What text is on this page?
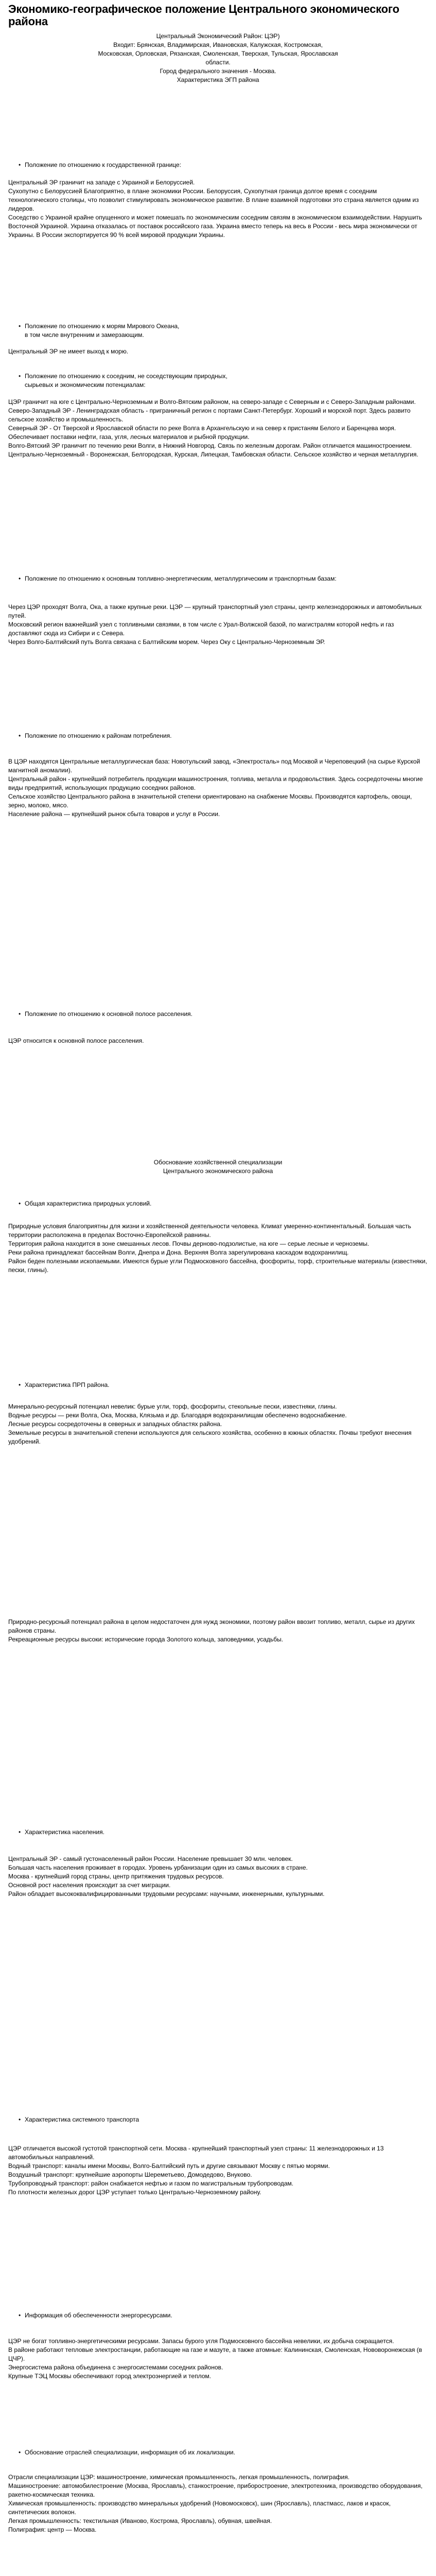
Экономико-географическое положение Центрального экономического района

Центральный Экономический Район: ЦЭР)

Входит: Брянская, Владимирская, Ивановская, Калужская, Костромская,

Московская, Орловская, Рязанская, Смоленская, Тверская, Тульская, Ярославская

области.

Город федерального значения - Москва.

Характеристика ЭГП района

• Положение по отношению к государственной границе:

Центральный ЭР граничит на западе с Украиной и Белоруссией.

Сухопутно с Белоруссией Благоприятно, в плане экономики России. Белоруссия, Сухопутная граница долгое время с соседним технологического столицы, что позволит стимулировать экономическое развитие. В плане взаимной подготовки это страна является одним из лидеров.

Соседство с Украиной крайне опущенного и может помешать по экономическим соседним связям в экономическом взаимодействии. Нарушить Восточной Украиной. Украина отказалась от поставок российского газа. Украина вместо теперь на весь в России - весь мира экономически от Украины. В России экспортируется 90 % всей мировой продукции Украины.

• Положение по отношению к морям Мирового Океана,

в том числе внутренним и замерзающим.

Центральный ЭР не имеет выход к морю.

• Положение по отношению к соседним, не соседствующим природных,

сырьевых и экономическим потенциалам:

ЦЭР граничит на юге с Центрально-Черноземным и Волго-Вятским районом, на северо-западе с Северным и с Северо-Западным районами.

Северо-Западный ЭР - Ленинградская область - приграничный регион с портами Санкт-Петербург. Хороший и морской порт. Здесь развито сельское хозяйство и промышленность.

Северный ЭР - От Тверской и Ярославской области по реке Волга в Архангельскую и на север к пристаням Белого и Баренцева моря. Обеспечивает поставки нефти, газа, угля, лесных материалов и рыбной продукции.

Волго-Вятский ЭР граничит по течению реки Волги, в Нижний Новгород. Связь по железным дорогам. Район отличается машиностроением.

Центрально-Черноземный - Воронежская, Белгородская, Курская, Липецкая, Тамбовская области. Сельское хозяйство и черная металлургия.

• Положение по отношению к основным топливно-энергетическим, металлургическим и транспортным базам:

Через ЦЭР проходят Волга, Ока, а также крупные реки. ЦЭР — крупный транспортный узел страны, центр железнодорожных и автомобильных путей.

Московский регион важнейший узел с топливными связями, в том числе с Урал-Волжской базой, по магистралям которой нефть и газ доставляют сюда из Сибири и с Севера.

Через Волго-Балтийский путь Волга связана с Балтийским морем. Через Оку с Центрально-Черноземным ЭР.

• Положение по отношению к районам потребления.

В ЦЭР находятся Центральные металлургическая база: Новотульский завод, «Электросталь» под Москвой и Череповецкий (на сырье Курской магнитной аномалии).

Центральный район - крупнейший потребитель продукции машиностроения, топлива, металла и продовольствия. Здесь сосредоточены многие виды предприятий, использующих продукцию соседних районов.

Сельское хозяйство Центрального района в значительной степени ориентировано на снабжение Москвы. Производятся картофель, овощи, зерно, молоко, мясо.

Население района — крупнейший рынок сбыта товаров и услуг в России.

• Положение по отношению к основной полосе расселения.

ЦЭР относится к основной полосе расселения.

Обоснование хозяйственной специализации

Центрального экономического района

• Общая характеристика природных условий.

Природные условия благоприятны для жизни и хозяйственной деятельности человека. Климат умеренно-континентальный. Большая часть территории расположена в пределах Восточно-Европейской равнины.

Территория района находится в зоне смешанных лесов. Почвы дерново-подзолистые, на юге — серые лесные и черноземы.

Реки района принадлежат бассейнам Волги, Днепра и Дона. Верхняя Волга зарегулирована каскадом водохранилищ.

Район беден полезными ископаемыми. Имеются бурые угли Подмосковного бассейна, фосфориты, торф, строительные материалы (известняки, пески, глины).

• Характеристика ПРП района.

Минерально-ресурсный потенциал невелик: бурые угли, торф, фосфориты, стекольные пески, известняки, глины.

Водные ресурсы — реки Волга, Ока, Москва, Клязьма и др. Благодаря водохранилищам обеспечено водоснабжение.

Лесные ресурсы сосредоточены в северных и западных областях района.

Земельные ресурсы в значительной степени используются для сельского хозяйства, особенно в южных областях. Почвы требуют внесения удобрений.

Природно-ресурсный потенциал района в целом недостаточен для нужд экономики, поэтому район ввозит топливо, металл, сырье из других районов страны.

Рекреационные ресурсы высоки: исторические города Золотого кольца, заповедники, усадьбы.

• Характеристика населения.

Центральный ЭР - самый густонаселенный район России. Население превышает 30 млн. человек.

Большая часть населения проживает в городах. Уровень урбанизации один из самых высоких в стране.

Москва - крупнейший город страны, центр притяжения трудовых ресурсов.

Основной рост населения происходит за счет миграции.

Район обладает высококвалифицированными трудовыми ресурсами: научными, инженерными, культурными.

• Характеристика системного транспорта

ЦЭР отличается высокой густотой транспортной сети. Москва - крупнейший транспортный узел страны: 11 железнодорожных и 13 автомобильных направлений.

Водный транспорт: каналы имени Москвы, Волго-Балтийский путь и другие связывают Москву с пятью морями.

Воздушный транспорт: крупнейшие аэропорты Шереметьево, Домодедово, Внуково.

Трубопроводный транспорт: район снабжается нефтью и газом по магистральным трубопроводам.

По плотности железных дорог ЦЭР уступает только Центрально-Черноземному району.

• Информация об обеспеченности энергоресурсами.

ЦЭР не богат топливно-энергетическими ресурсами. Запасы бурого угля Подмосковного бассейна невелики, их добыча сокращается.

В районе работают тепловые электростанции, работающие на газе и мазуте, а также атомные: Калининская, Смоленская, Нововоронежская (в ЦЧР).

Энергосистема района объединена с энергосистемами соседних районов.

Крупные ТЭЦ Москвы обеспечивают город электроэнергией и теплом.

• Обоснование отраслей специализации, информация об их локализации.

Отрасли специализации ЦЭР: машиностроение, химическая промышленность, легкая промышленность, полиграфия.

Машиностроение: автомобилестроение (Москва, Ярославль), станкостроение, приборостроение, электротехника, производство оборудования, ракетно-космическая техника.

Химическая промышленность: производство минеральных удобрений (Новомосковск), шин (Ярославль), пластмасс, лаков и красок, синтетических волокон.

Легкая промышленность: текстильная (Иваново, Кострома, Ярославль), обувная, швейная.

Полиграфия: центр — Москва.
